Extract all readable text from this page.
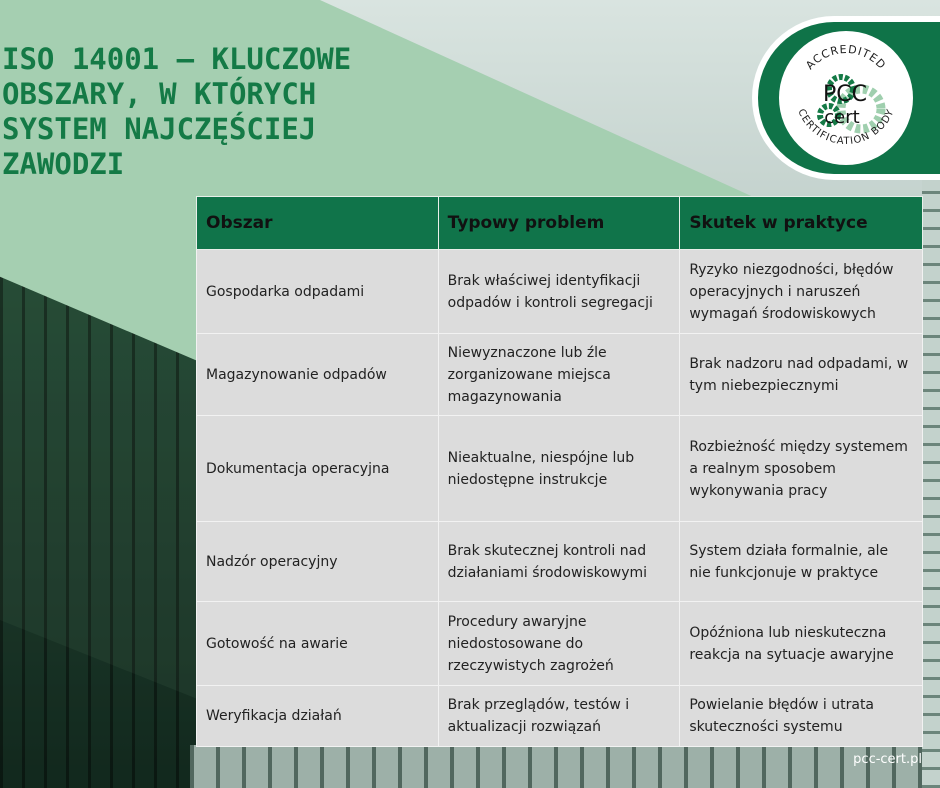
ISO 14001 – KLUCZOWE OBSZARY, W KTÓRYCH SYSTEM NAJCZĘŚCIEJ ZAWODZI
ACCREDITED
CERTIFICATION BODY
PCC
cert
Obszar	Typowy problem	Skutek w praktyce
Gospodarka odpadami	Brak właściwej identyfikacji odpadów i kontroli segregacji	Ryzyko niezgodności, błędów operacyjnych i naruszeń wymagań środowiskowych
Magazynowanie odpadów	Niewyznaczone lub źle zorganizowane miejsca magazynowania	Brak nadzoru nad odpadami, w tym niebezpiecznymi
Dokumentacja operacyjna	Nieaktualne, niespójne lub niedostępne instrukcje	Rozbieżność między systemem a realnym sposobem wykonywania pracy
Nadzór operacyjny	Brak skutecznej kontroli nad działaniami środowiskowymi	System działa formalnie, ale nie funkcjonuje w praktyce
Gotowość na awarie	Procedury awaryjne niedostosowane do rzeczywistych zagrożeń	Opóźniona lub nieskuteczna reakcja na sytuacje awaryjne
Weryfikacja działań	Brak przeglądów, testów i aktualizacji rozwiązań	Powielanie błędów i utrata skuteczności systemu
pcc-cert.pl
